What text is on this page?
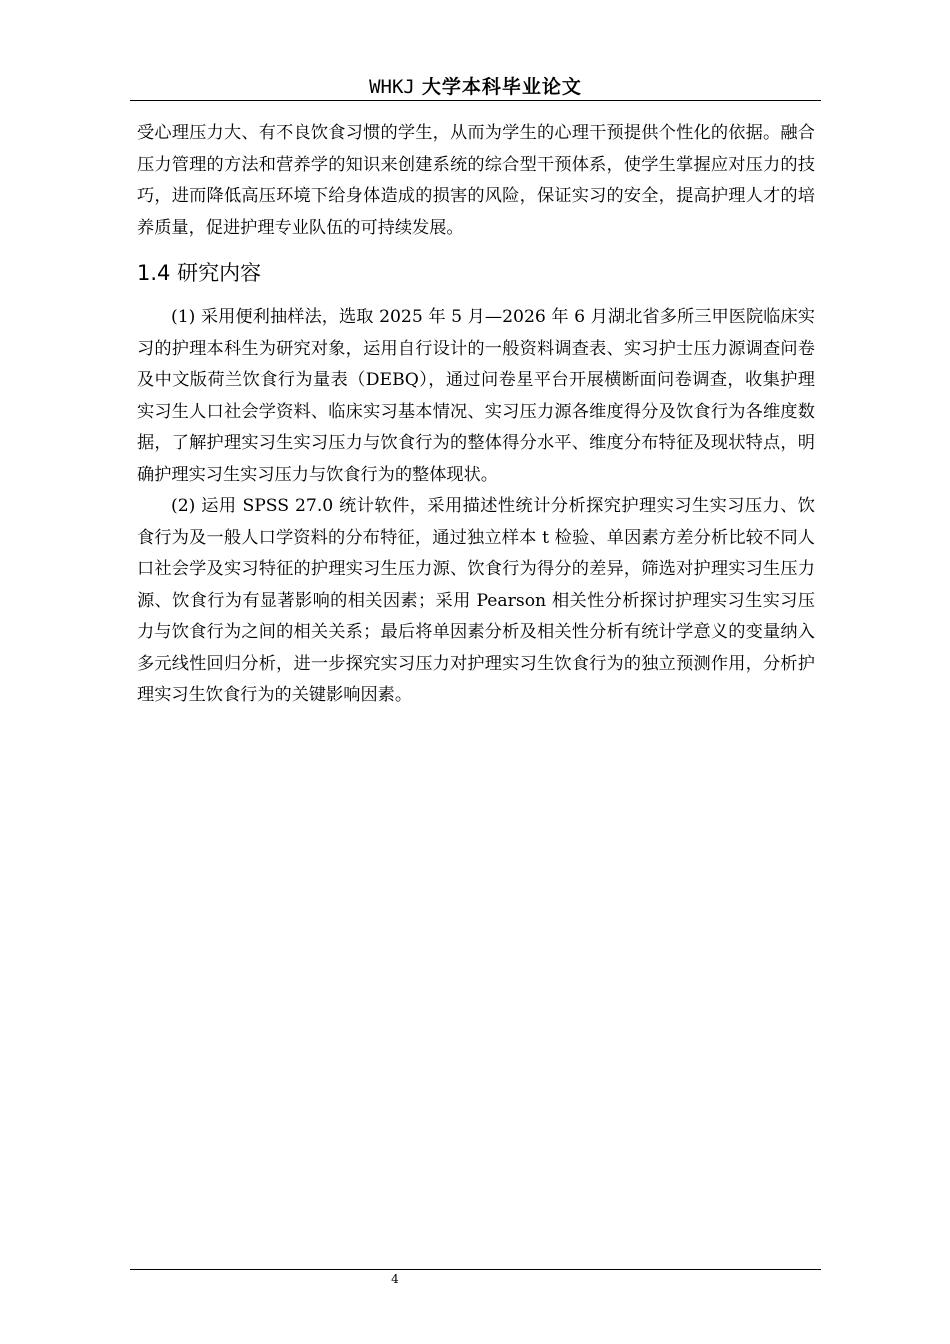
WHKJ 大学本科毕业论文

受心理压力大、有不良饮食习惯的学生，从而为学生的心理干预提供个性化的依据。融合压力管理的方法和营养学的知识来创建系统的综合型干预体系，使学生掌握应对压力的技巧，进而降低高压环境下给身体造成的损害的风险，保证实习的安全，提高护理人才的培养质量，促进护理专业队伍的可持续发展。

1.4 研究内容

(1) 采用便利抽样法，选取 2025 年 5 月—2026 年 6 月湖北省多所三甲医院临床实习的护理本科生为研究对象，运用自行设计的一般资料调查表、实习护士压力源调查问卷及中文版荷兰饮食行为量表（DEBQ），通过问卷星平台开展横断面问卷调查，收集护理实习生人口社会学资料、临床实习基本情况、实习压力源各维度得分及饮食行为各维度数据，了解护理实习生实习压力与饮食行为的整体得分水平、维度分布特征及现状特点，明确护理实习生实习压力与饮食行为的整体现状。

(2) 运用 SPSS 27.0 统计软件，采用描述性统计分析探究护理实习生实习压力、饮食行为及一般人口学资料的分布特征，通过独立样本 t 检验、单因素方差分析比较不同人口社会学及实习特征的护理实习生压力源、饮食行为得分的差异，筛选对护理实习生压力源、饮食行为有显著影响的相关因素；采用 Pearson 相关性分析探讨护理实习生实习压力与饮食行为之间的相关关系；最后将单因素分析及相关性分析有统计学意义的变量纳入多元线性回归分析，进一步探究实习压力对护理实习生饮食行为的独立预测作用，分析护理实习生饮食行为的关键影响因素。

4
